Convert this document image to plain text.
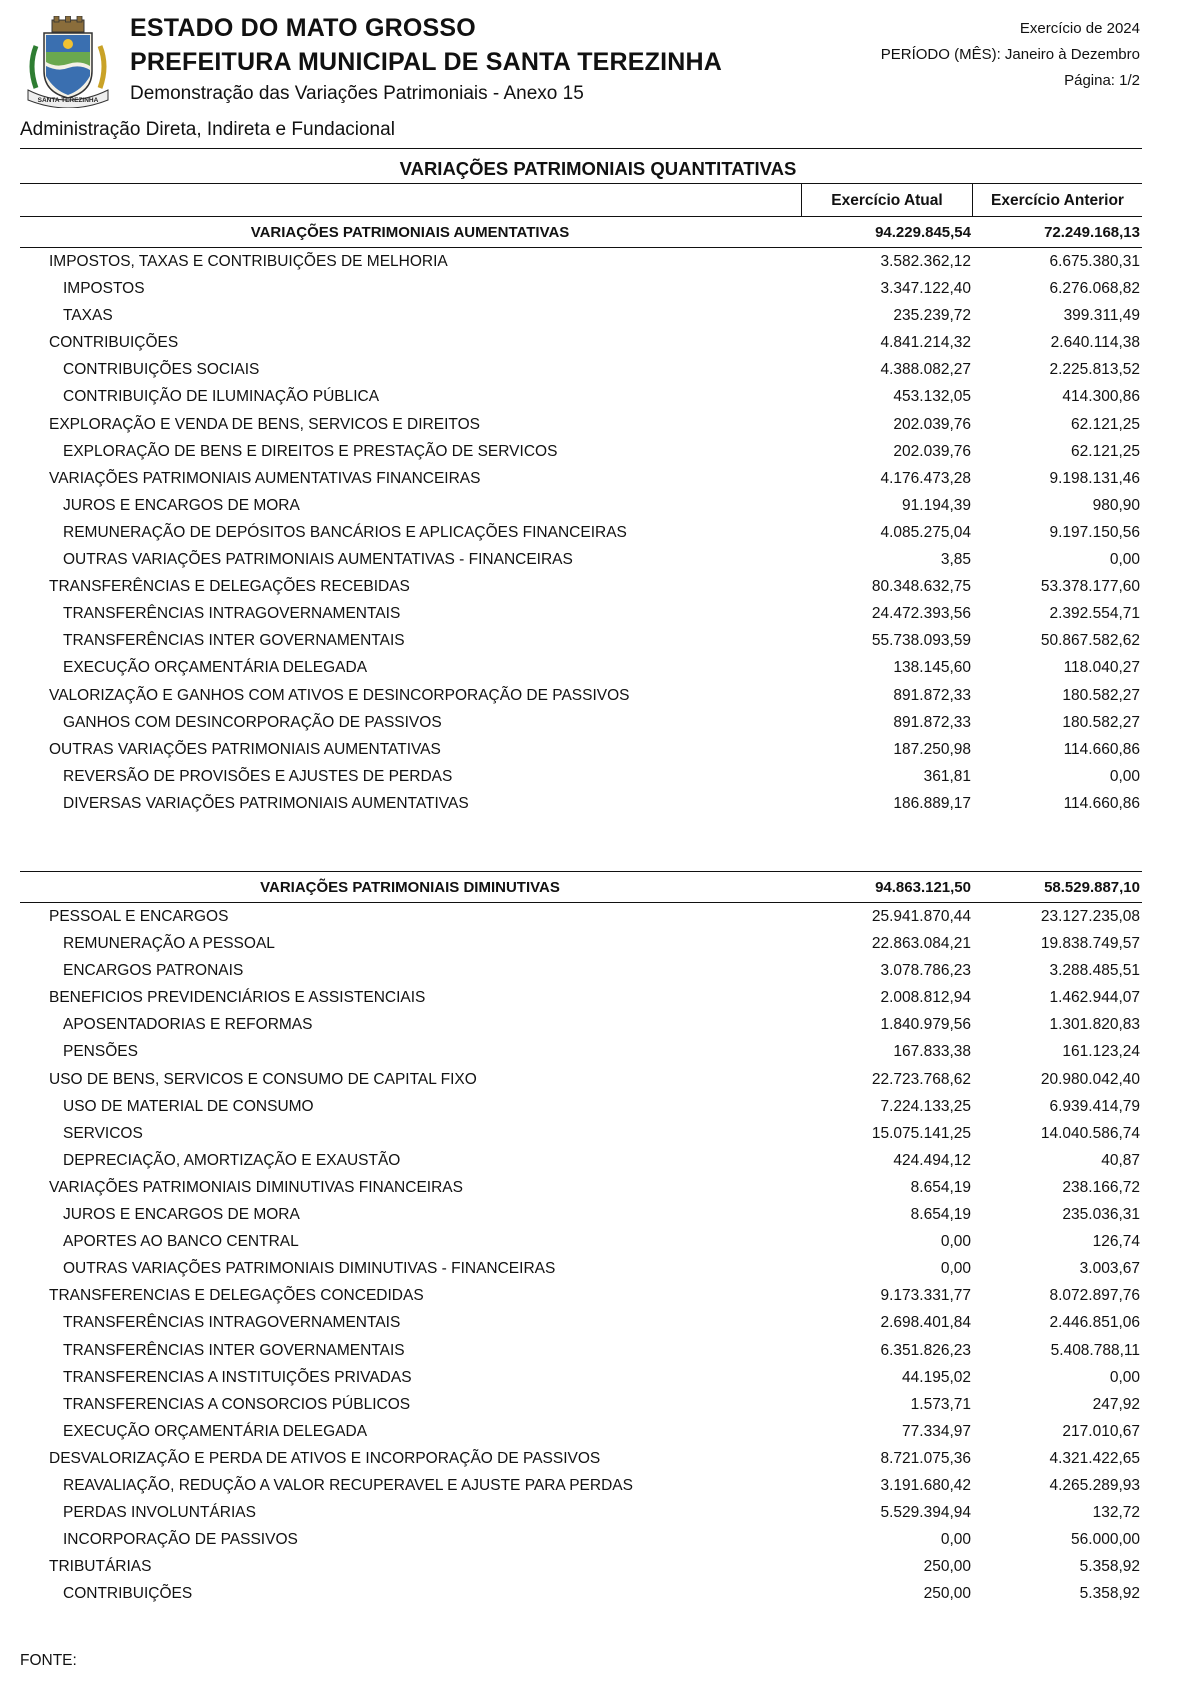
SANTA TEREZINHA
ESTADO DO MATO GROSSO
PREFEITURA MUNICIPAL DE SANTA TEREZINHA
Demonstração das Variações Patrimoniais - Anexo 15
Exercício de 2024
PERÍODO (MÊS): Janeiro à Dezembro
Página: 1/2
Administração Direta, Indireta e Fundacional
VARIAÇÕES PATRIMONIAIS QUANTITATIVAS
Exercício Atual	Exercício Anterior
VARIAÇÕES PATRIMONIAIS AUMENTATIVAS	94.229.845,54	72.249.168,13
IMPOSTOS, TAXAS E CONTRIBUIÇÕES DE MELHORIA	3.582.362,12	6.675.380,31
IMPOSTOS	3.347.122,40	6.276.068,82
TAXAS	235.239,72	399.311,49
CONTRIBUIÇÕES	4.841.214,32	2.640.114,38
CONTRIBUIÇÕES SOCIAIS	4.388.082,27	2.225.813,52
CONTRIBUIÇÃO DE ILUMINAÇÃO PÚBLICA	453.132,05	414.300,86
EXPLORAÇÃO E VENDA DE BENS, SERVICOS E DIREITOS	202.039,76	62.121,25
EXPLORAÇÃO DE BENS E DIREITOS E PRESTAÇÃO DE SERVICOS	202.039,76	62.121,25
VARIAÇÕES PATRIMONIAIS AUMENTATIVAS FINANCEIRAS	4.176.473,28	9.198.131,46
JUROS E ENCARGOS DE MORA	91.194,39	980,90
REMUNERAÇÃO DE DEPÓSITOS BANCÁRIOS E APLICAÇÕES FINANCEIRAS	4.085.275,04	9.197.150,56
OUTRAS VARIAÇÕES PATRIMONIAIS AUMENTATIVAS - FINANCEIRAS	3,85	0,00
TRANSFERÊNCIAS E DELEGAÇÕES RECEBIDAS	80.348.632,75	53.378.177,60
TRANSFERÊNCIAS INTRAGOVERNAMENTAIS	24.472.393,56	2.392.554,71
TRANSFERÊNCIAS INTER GOVERNAMENTAIS	55.738.093,59	50.867.582,62
EXECUÇÃO ORÇAMENTÁRIA DELEGADA	138.145,60	118.040,27
VALORIZAÇÃO E GANHOS COM ATIVOS E DESINCORPORAÇÃO DE PASSIVOS	891.872,33	180.582,27
GANHOS COM DESINCORPORAÇÃO DE PASSIVOS	891.872,33	180.582,27
OUTRAS VARIAÇÕES PATRIMONIAIS AUMENTATIVAS	187.250,98	114.660,86
REVERSÃO DE PROVISÕES E AJUSTES DE PERDAS	361,81	0,00
DIVERSAS VARIAÇÕES PATRIMONIAIS AUMENTATIVAS	186.889,17	114.660,86
VARIAÇÕES PATRIMONIAIS DIMINUTIVAS	94.863.121,50	58.529.887,10
PESSOAL E ENCARGOS	25.941.870,44	23.127.235,08
REMUNERAÇÃO A PESSOAL	22.863.084,21	19.838.749,57
ENCARGOS PATRONAIS	3.078.786,23	3.288.485,51
BENEFICIOS PREVIDENCIÁRIOS E ASSISTENCIAIS	2.008.812,94	1.462.944,07
APOSENTADORIAS E REFORMAS	1.840.979,56	1.301.820,83
PENSÕES	167.833,38	161.123,24
USO DE BENS, SERVICOS E CONSUMO DE CAPITAL FIXO	22.723.768,62	20.980.042,40
USO DE MATERIAL DE CONSUMO	7.224.133,25	6.939.414,79
SERVICOS	15.075.141,25	14.040.586,74
DEPRECIAÇÃO, AMORTIZAÇÃO E EXAUSTÃO	424.494,12	40,87
VARIAÇÕES PATRIMONIAIS DIMINUTIVAS FINANCEIRAS	8.654,19	238.166,72
JUROS E ENCARGOS DE MORA	8.654,19	235.036,31
APORTES AO BANCO CENTRAL	0,00	126,74
OUTRAS VARIAÇÕES PATRIMONIAIS DIMINUTIVAS - FINANCEIRAS	0,00	3.003,67
TRANSFERENCIAS E DELEGAÇÕES CONCEDIDAS	9.173.331,77	8.072.897,76
TRANSFERÊNCIAS INTRAGOVERNAMENTAIS	2.698.401,84	2.446.851,06
TRANSFERÊNCIAS INTER GOVERNAMENTAIS	6.351.826,23	5.408.788,11
TRANSFERENCIAS A INSTITUIÇÕES PRIVADAS	44.195,02	0,00
TRANSFERENCIAS A CONSORCIOS PÚBLICOS	1.573,71	247,92
EXECUÇÃO ORÇAMENTÁRIA DELEGADA	77.334,97	217.010,67
DESVALORIZAÇÃO E PERDA DE ATIVOS E INCORPORAÇÃO DE PASSIVOS	8.721.075,36	4.321.422,65
REAVALIAÇÃO, REDUÇÃO A VALOR RECUPERAVEL E AJUSTE PARA PERDAS	3.191.680,42	4.265.289,93
PERDAS INVOLUNTÁRIAS	5.529.394,94	132,72
INCORPORAÇÃO DE PASSIVOS	0,00	56.000,00
TRIBUTÁRIAS	250,00	5.358,92
CONTRIBUIÇÕES	250,00	5.358,92
FONTE:
